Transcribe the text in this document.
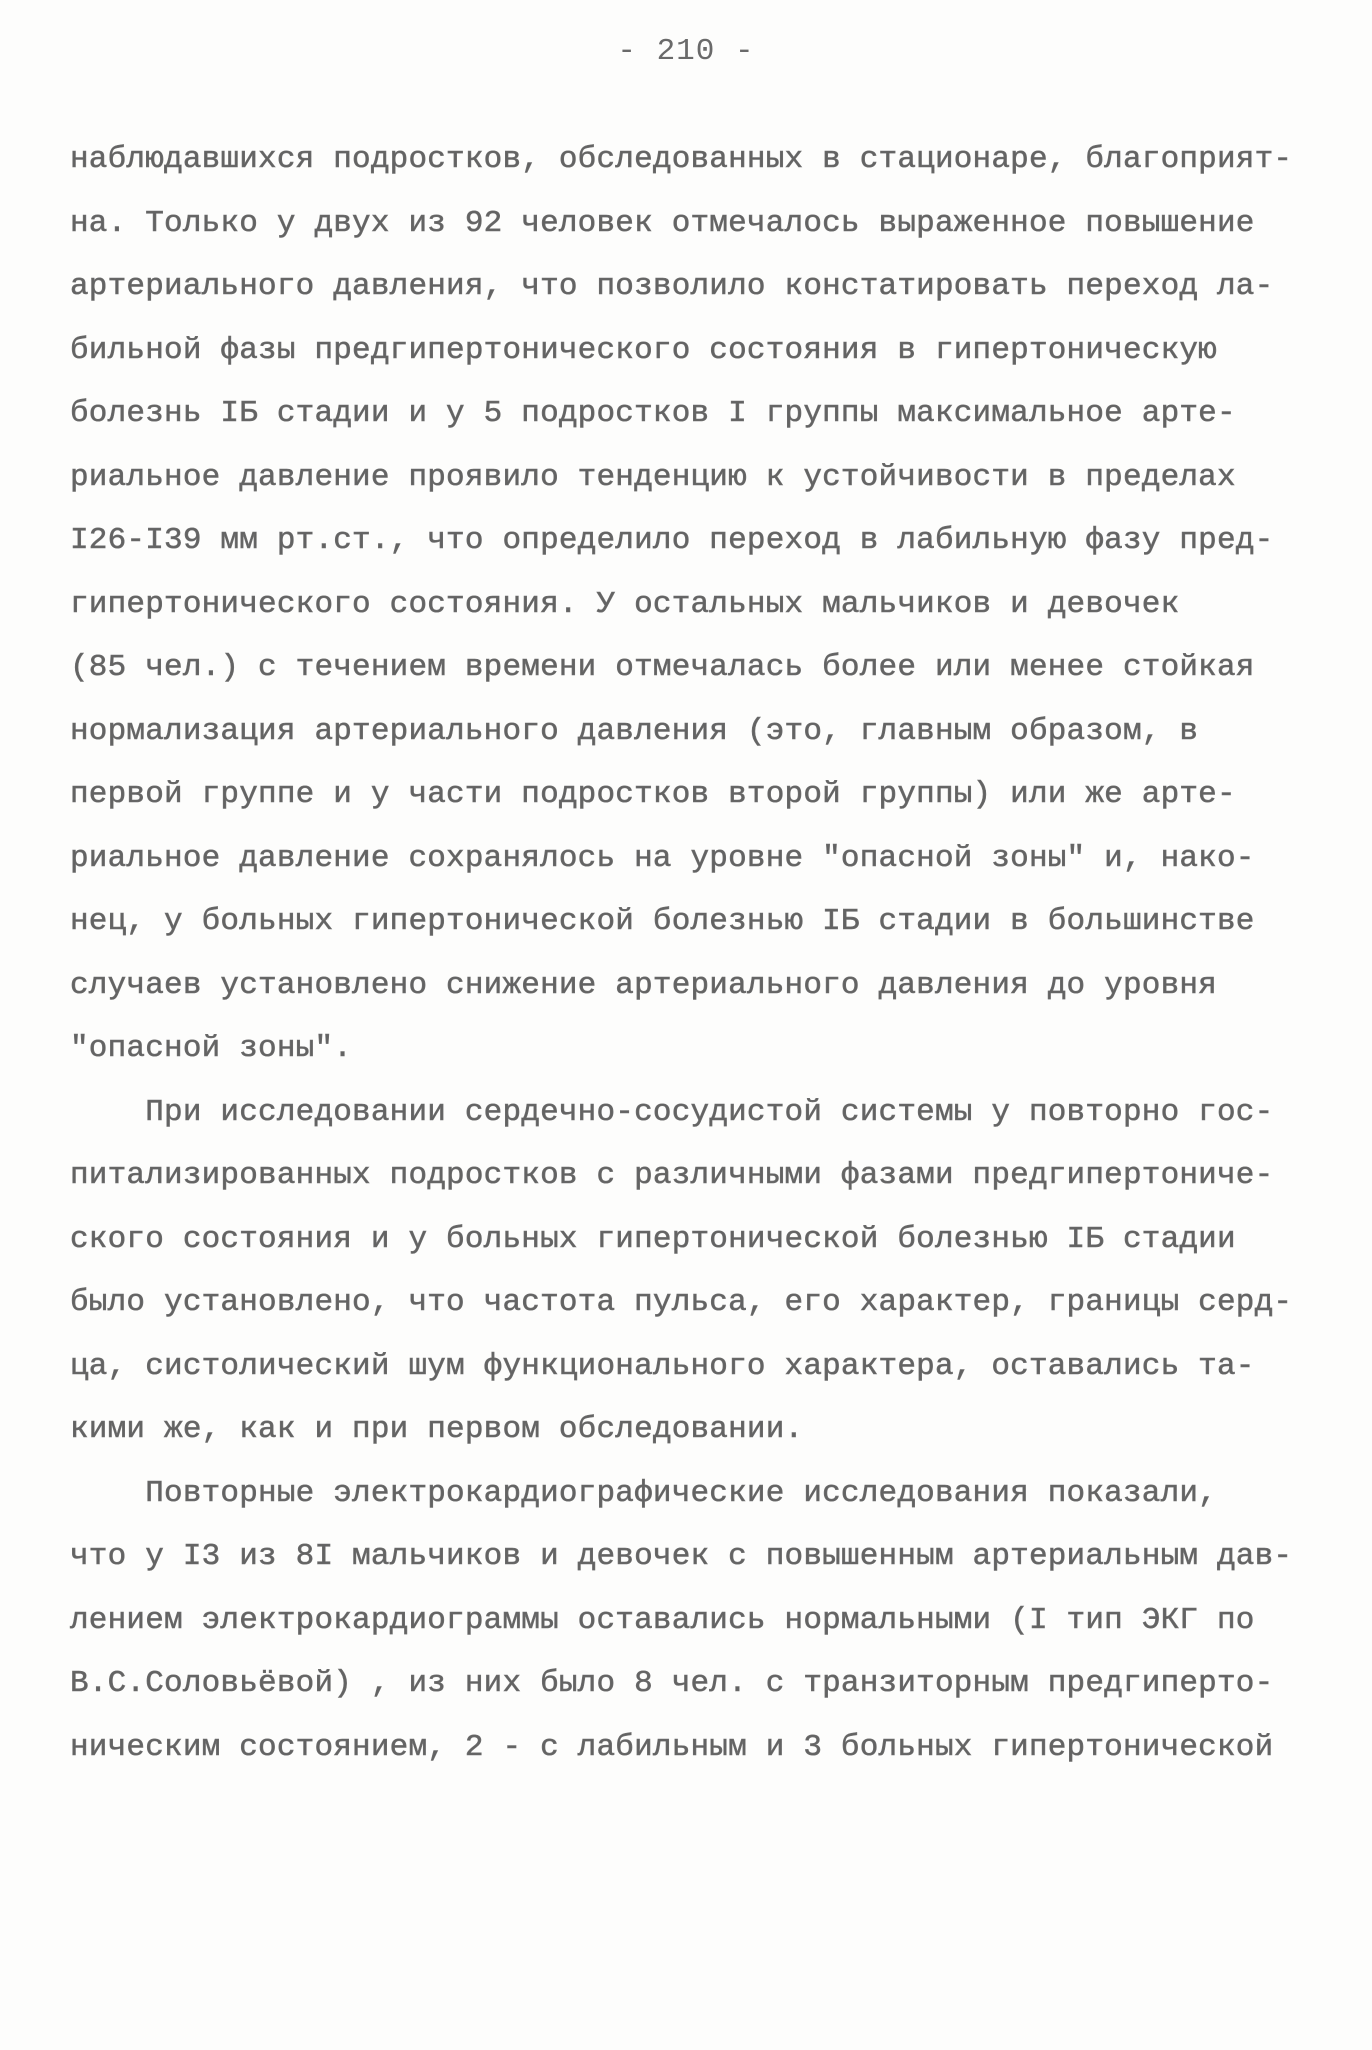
- 210 -
наблюдавшихся подростков, обследованных в стационаре, благоприят-
на. Только у двух из 92 человек отмечалось выраженное повышение
артериального давления, что позволило констатировать переход ла-
бильной фазы предгипертонического состояния в гипертоническую
болезнь IБ стадии и у 5 подростков I группы максимальное арте-
риальное давление проявило тенденцию к устойчивости в пределах
I26-I39 мм рт.ст., что определило переход в лабильную фазу пред-
гипертонического состояния. У остальных мальчиков и девочек
(85 чел.) с течением времени отмечалась более или менее стойкая
нормализация артериального давления (это, главным образом, в
первой группе и у части подростков второй группы) или же арте-
риальное давление сохранялось на уровне "опасной зоны" и, нако-
нец, у больных гипертонической болезнью IБ стадии в большинстве
случаев установлено снижение артериального давления до уровня
"опасной зоны".
При исследовании сердечно-сосудистой системы у повторно гос-
питализированных подростков с различными фазами предгипертониче-
ского состояния и у больных гипертонической болезнью IБ стадии
было установлено, что частота пульса, его характер, границы серд-
ца, систолический шум функционального характера, оставались та-
кими же, как и при первом обследовании.
Повторные электрокардиографические исследования показали,
что у I3 из 8I мальчиков и девочек с повышенным артериальным дав-
лением электрокардиограммы оставались нормальными (I тип ЭКГ по
В.С.Соловьёвой) , из них было 8 чел. с транзиторным предгиперто-
ническим состоянием, 2 - с лабильным и 3 больных гипертонической
